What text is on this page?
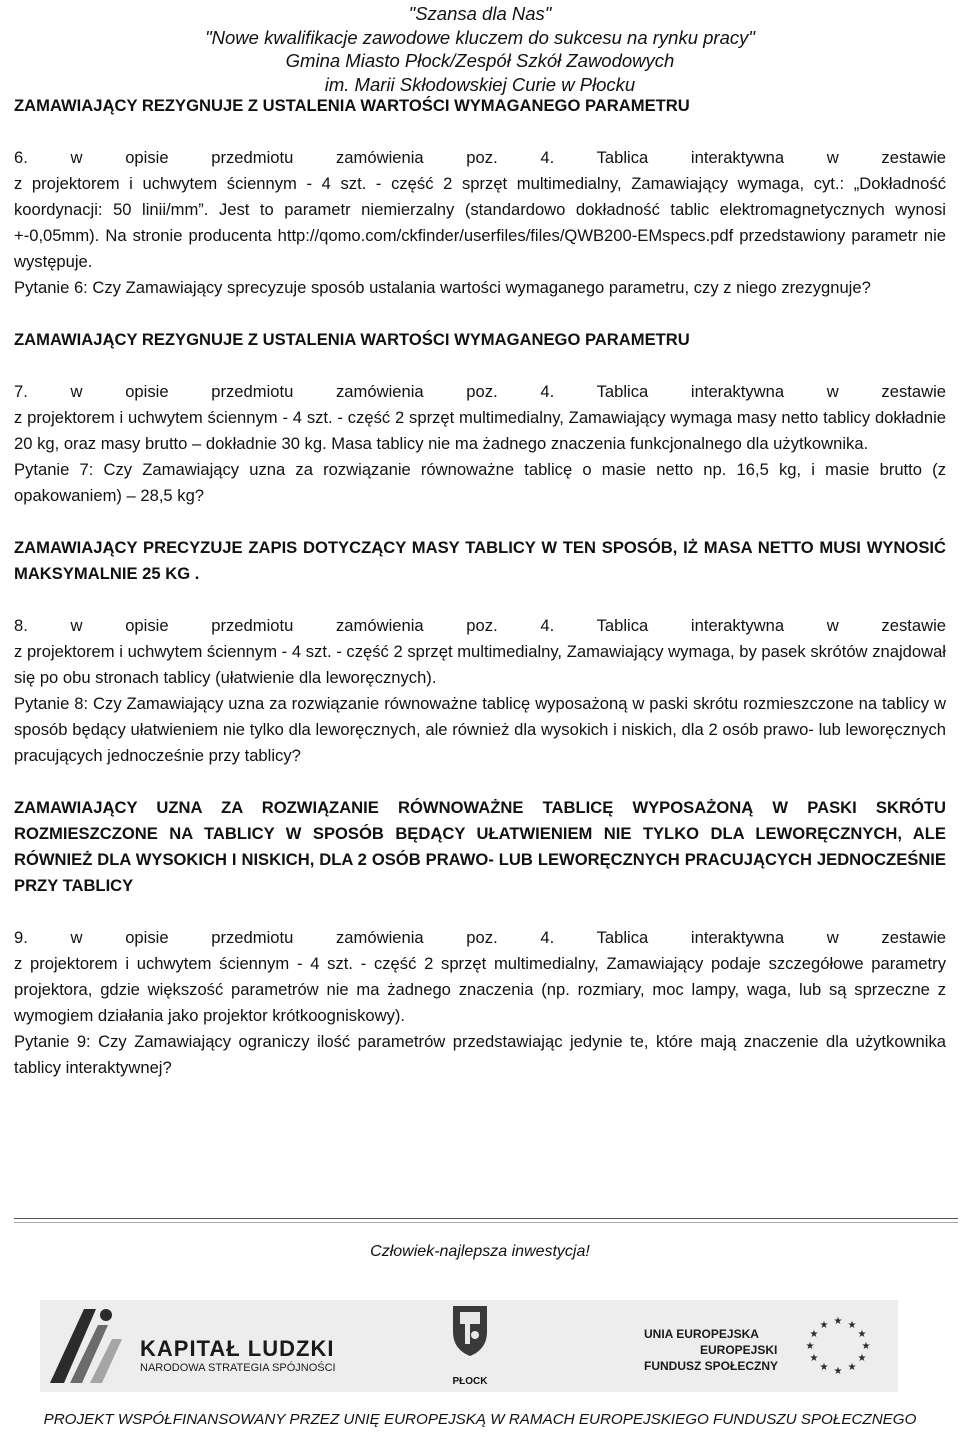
"Szansa dla Nas"
"Nowe kwalifikacje zawodowe kluczem do sukcesu na rynku pracy"
Gmina Miasto Płock/Zespół Szkół Zawodowych
im. Marii Skłodowskiej Curie w Płocku

ZAMAWIAJĄCY REZYGNUJE Z USTALENIA WARTOŚCI WYMAGANEGO PARAMETRU

6. w opisie przedmiotu zamówienia poz. 4. Tablica interaktywna w zestawie

z projektorem i uchwytem ściennym - 4 szt. - część 2 sprzęt multimedialny, Zamawiający wymaga, cyt.: „Dokładność koordynacji: 50 linii/mm”. Jest to parametr niemierzalny (standardowo dokładność tablic elektromagnetycznych wynosi +-0,05mm). Na stronie producenta http://qomo.com/ckfinder/userfiles/files/QWB200-EMspecs.pdf przedstawiony parametr nie występuje.

Pytanie 6: Czy Zamawiający sprecyzuje sposób ustalania wartości wymaganego parametru, czy z niego zrezygnuje?

ZAMAWIAJĄCY REZYGNUJE Z USTALENIA WARTOŚCI WYMAGANEGO PARAMETRU

7. w opisie przedmiotu zamówienia poz. 4. Tablica interaktywna w zestawie

z projektorem i uchwytem ściennym - 4 szt. - część 2 sprzęt multimedialny, Zamawiający wymaga masy netto tablicy dokładnie 20 kg, oraz masy brutto – dokładnie 30 kg. Masa tablicy nie ma żadnego znaczenia funkcjonalnego dla użytkownika.

Pytanie 7: Czy Zamawiający uzna za rozwiązanie równoważne tablicę o masie netto np. 16,5 kg, i masie brutto (z opakowaniem) – 28,5 kg?

ZAMAWIAJĄCY PRECYZUJE ZAPIS DOTYCZĄCY MASY TABLICY W TEN SPOSÓB, IŻ MASA NETTO MUSI WYNOSIĆ MAKSYMALNIE 25 KG .

8. w opisie przedmiotu zamówienia poz. 4. Tablica interaktywna w zestawie

z projektorem i uchwytem ściennym - 4 szt. - część 2 sprzęt multimedialny, Zamawiający wymaga, by pasek skrótów znajdował się po obu stronach tablicy (ułatwienie dla leworęcznych).

Pytanie 8: Czy Zamawiający uzna za rozwiązanie równoważne tablicę wyposażoną w paski skrótu rozmieszczone na tablicy w sposób będący ułatwieniem nie tylko dla leworęcznych, ale również dla wysokich i niskich, dla 2 osób prawo- lub leworęcznych pracujących jednocześnie przy tablicy?

ZAMAWIAJĄCY UZNA ZA ROZWIĄZANIE RÓWNOWAŻNE TABLICĘ WYPOSAŻONĄ W PASKI SKRÓTU ROZMIESZCZONE NA TABLICY W SPOSÓB BĘDĄCY UŁATWIENIEM NIE TYLKO DLA LEWORĘCZNYCH, ALE RÓWNIEŻ DLA WYSOKICH I NISKICH, DLA 2 OSÓB PRAWO- LUB LEWORĘCZNYCH PRACUJĄCYCH JEDNOCZEŚNIE PRZY TABLICY

9. w opisie przedmiotu zamówienia poz. 4. Tablica interaktywna w zestawie

z projektorem i uchwytem ściennym - 4 szt. - część 2 sprzęt multimedialny, Zamawiający podaje szczegółowe parametry projektora, gdzie większość parametrów nie ma żadnego znaczenia (np. rozmiary, moc lampy, waga, lub są sprzeczne z wymogiem działania jako projektor krótkoogniskowy).

Pytanie 9: Czy Zamawiający ograniczy ilość parametrów przedstawiając jedynie te, które mają znaczenie dla użytkownika tablicy interaktywnej?

Człowiek-najlepsza inwestycja!
KAPITAŁ LUDZKI
NARODOWA STRATEGIA SPÓJNOŚCI
PŁOCK
UNIA EUROPEJSKA
EUROPEJSKI
FUNDUSZ SPOŁECZNY
★ ★
★
★
★
★
★
★
★
★
★
★
PROJEKT WSPÓŁFINANSOWANY PRZEZ UNIĘ EUROPEJSKĄ W RAMACH EUROPEJSKIEGO FUNDUSZU SPOŁECZNEGO
